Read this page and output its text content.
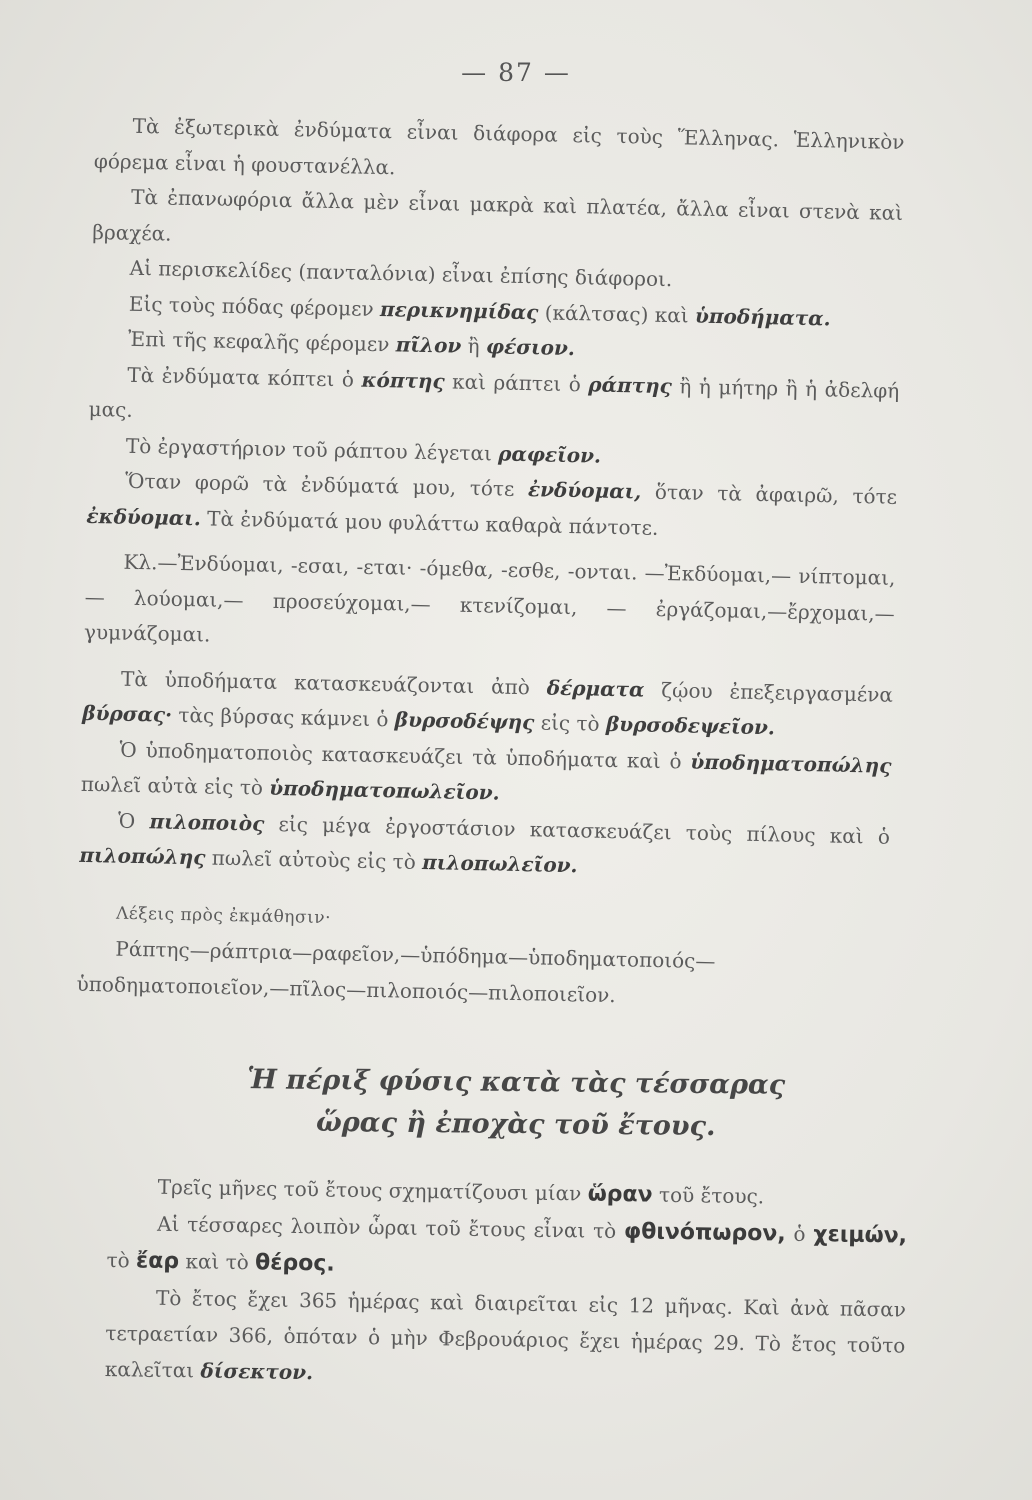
— 87 —

Τὰ ἐξωτερικὰ ἐνδύματα εἶναι διάφορα εἰς τοὺς Ἕλληνας. Ἑλληνικὸν φόρεμα εἶναι ἡ φουστανέλλα.

Τὰ ἐπανωφόρια ἄλλα μὲν εἶναι μακρὰ καὶ πλατέα, ἄλλα εἶναι στενὰ καὶ βραχέα.

Αἱ περισκελίδες (πανταλόνια) εἶναι ἐπίσης διάφοροι.

Εἰς τοὺς πόδας φέρομεν περικνημίδας (κάλτσας) καὶ ὑποδήματα.

Ἐπὶ τῆς κεφαλῆς φέρομεν πῖλον ἢ φέσιον.

Τὰ ἐνδύματα κόπτει ὁ κόπτης καὶ ράπτει ὁ ράπτης ἢ ἡ μήτηρ ἢ ἡ ἀδελφή μας.

Τὸ ἐργαστήριον τοῦ ράπτου λέγεται ραφεῖον.

Ὅταν φορῶ τὰ ἐνδύματά μου, τότε ἐνδύομαι, ὅταν τὰ ἀφαιρῶ, τότε ἐκδύομαι. Τὰ ἐνδύματά μου φυλάττω καθαρὰ πάντοτε.

Κλ.—Ἐνδύομαι, -εσαι, -εται· -όμεθα, -εσθε, -ονται. —Ἐκδύομαι,— νίπτομαι,— λούομαι,— προσεύχομαι,— κτενίζομαι, — ἐργάζομαι,—ἔρχομαι,—γυμνάζομαι.

Τὰ ὑποδήματα κατασκευάζονται ἀπὸ δέρματα ζῴου ἐπεξειργασμένα βύρσας· τὰς βύρσας κάμνει ὁ βυρσοδέψης εἰς τὸ βυρσοδεψεῖον.

Ὁ ὑποδηματοποιὸς κατασκευάζει τὰ ὑποδήματα καὶ ὁ ὑποδηματοπώλης πωλεῖ αὐτὰ εἰς τὸ ὑποδηματοπωλεῖον.

Ὁ πιλοποιὸς εἰς μέγα ἐργοστάσιον κατασκευάζει τοὺς πίλους καὶ ὁ πιλοπώλης πωλεῖ αὐτοὺς εἰς τὸ πιλοπωλεῖον.

Λέξεις πρὸς ἐκμάθησιν·

Ράπτης—ράπτρια—ραφεῖον,—ὑπόδημα—ὑποδηματοποιός—ὑποδηματοποιεῖον,—πῖλος—πιλοποιός—πιλοποιεῖον.

Ἡ πέριξ φύσις κατὰ τὰς τέσσαρας
ὥρας ἢ ἐποχὰς τοῦ ἔτους.

Τρεῖς μῆνες τοῦ ἔτους σχηματίζουσι μίαν ὥραν τοῦ ἔτους.

Αἱ τέσσαρες λοιπὸν ὧραι τοῦ ἔτους εἶναι τὸ φθινόπωρον, ὁ χειμών, τὸ ἔαρ καὶ τὸ θέρος.

Τὸ ἔτος ἔχει 365 ἡμέρας καὶ διαιρεῖται εἰς 12 μῆνας. Καὶ ἀνὰ πᾶσαν τετραετίαν 366, ὁπόταν ὁ μὴν Φεβρουάριος ἔχει ἡμέρας 29. Τὸ ἔτος τοῦτο καλεῖται δίσεκτον.
